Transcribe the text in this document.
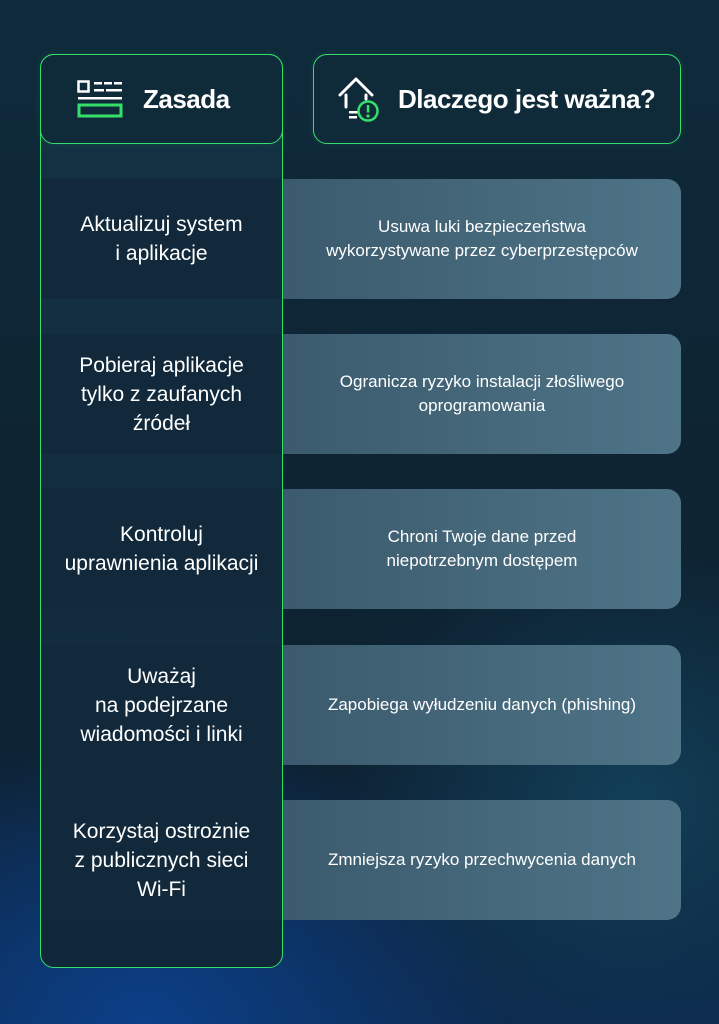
Zasada	Dlaczego jest ważna?
Aktualizuj system
i aplikacje
Usuwa luki bezpieczeństwa
wykorzystywane przez cyberprzestępców
Pobieraj aplikacje
tylko z zaufanych
źródeł
Ogranicza ryzyko instalacji złośliwego
oprogramowania
Kontroluj
uprawnienia aplikacji
Chroni Twoje dane przed
niepotrzebnym dostępem
Uważaj
na podejrzane
wiadomości i linki
Zapobiega wyłudzeniu danych (phishing)
Korzystaj ostrożnie
z publicznych sieci
Wi-Fi
Zmniejsza ryzyko przechwycenia danych
